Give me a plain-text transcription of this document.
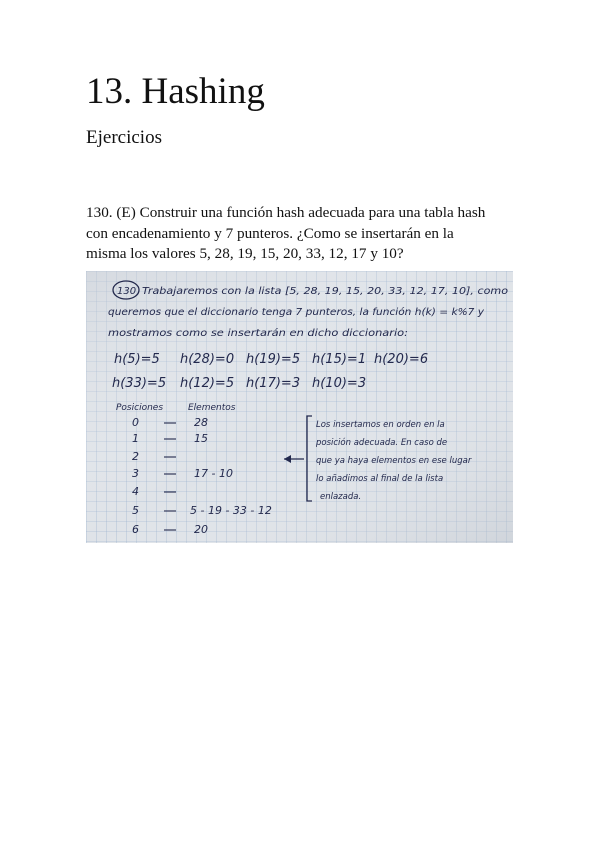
13. Hashing

Ejercicios

130. (E) Construir una función hash adecuada para una tabla hash
con encadenamiento y 7 punteros. ¿Como se insertarán en la
misma los valores 5, 28, 19, 15, 20, 33, 12, 17 y 10?

130 Trabajaremos con la lista [5, 28, 19, 15, 20, 33, 12, 17, 10], como
queremos que el diccionario tenga 7 punteros, la función h(k) = k%7 y
mostramos como se insertarán en dicho diccionario:
h(5)=5 h(28)=0 h(19)=5 h(15)=1 h(20)=6
h(33)=5 h(12)=5 h(17)=3 h(10)=3
Posiciones	Elementos
0	28
1	15
2
3	17 - 10
4
5	5 - 19 - 33 - 12
6	20
Los insertamos en orden en la
posición adecuada. En caso de
que ya haya elementos en ese lugar
lo añadimos al final de la lista
enlazada.
